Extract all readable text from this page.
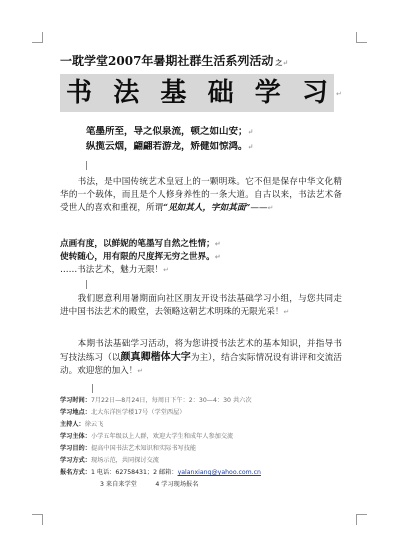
一耽学堂2007年暑期社群生活系列活动 之↵
书 法 基 础 学 习 ↵
笔墨所至，导之似泉流，顿之如山安；↵
纵揽云烟，翩翩若游龙，矫健如惊鸿。↵
　　书法，是中国传统艺术皇冠上的一颗明珠。它不但是保存中华文化精华的一个载体，而且是个人修身养性的一条大道。自古以来，书法艺术备受世人的喜欢和重视，所谓“见如其人，字如其面”——↵
点画有度，以鲜妮的笔墨写自然之性情；↵
使转随心，用有限的尺度挥无穷之世界。↵
……书法艺术，魅力无限！↵
　　我们愿意利用暑期面向社区朋友开设书法基础学习小组，与您共同走进中国书法艺术的殿堂，去领略这朝艺术明珠的无限光采！↵
　　本期书法基础学习活动，将为您讲授书法艺术的基本知识，并指导书写技法练习（以颜真卿楷体大字为主），结合实际情况设有讲评和交流活动。欢迎您的加入！↵
学习时间：7月22日—8月24日，每周日下午：2：30—4：30 共六次
学习地点：北大东洋医学楼17号（学堂西屋）
主持人：徐云飞
学习主体：小学五年级以上人群，欢迎大学生和成年人参加交流
学习目的：提高中国书法艺术知识和实际书写技能
学习方式：现场示范，共同探讨交流
报名方式：1 电话：62758431；2 邮箱：yalanxiang@yahoo.com.cn
3 来自来学堂　　　	4 学习现场报名
